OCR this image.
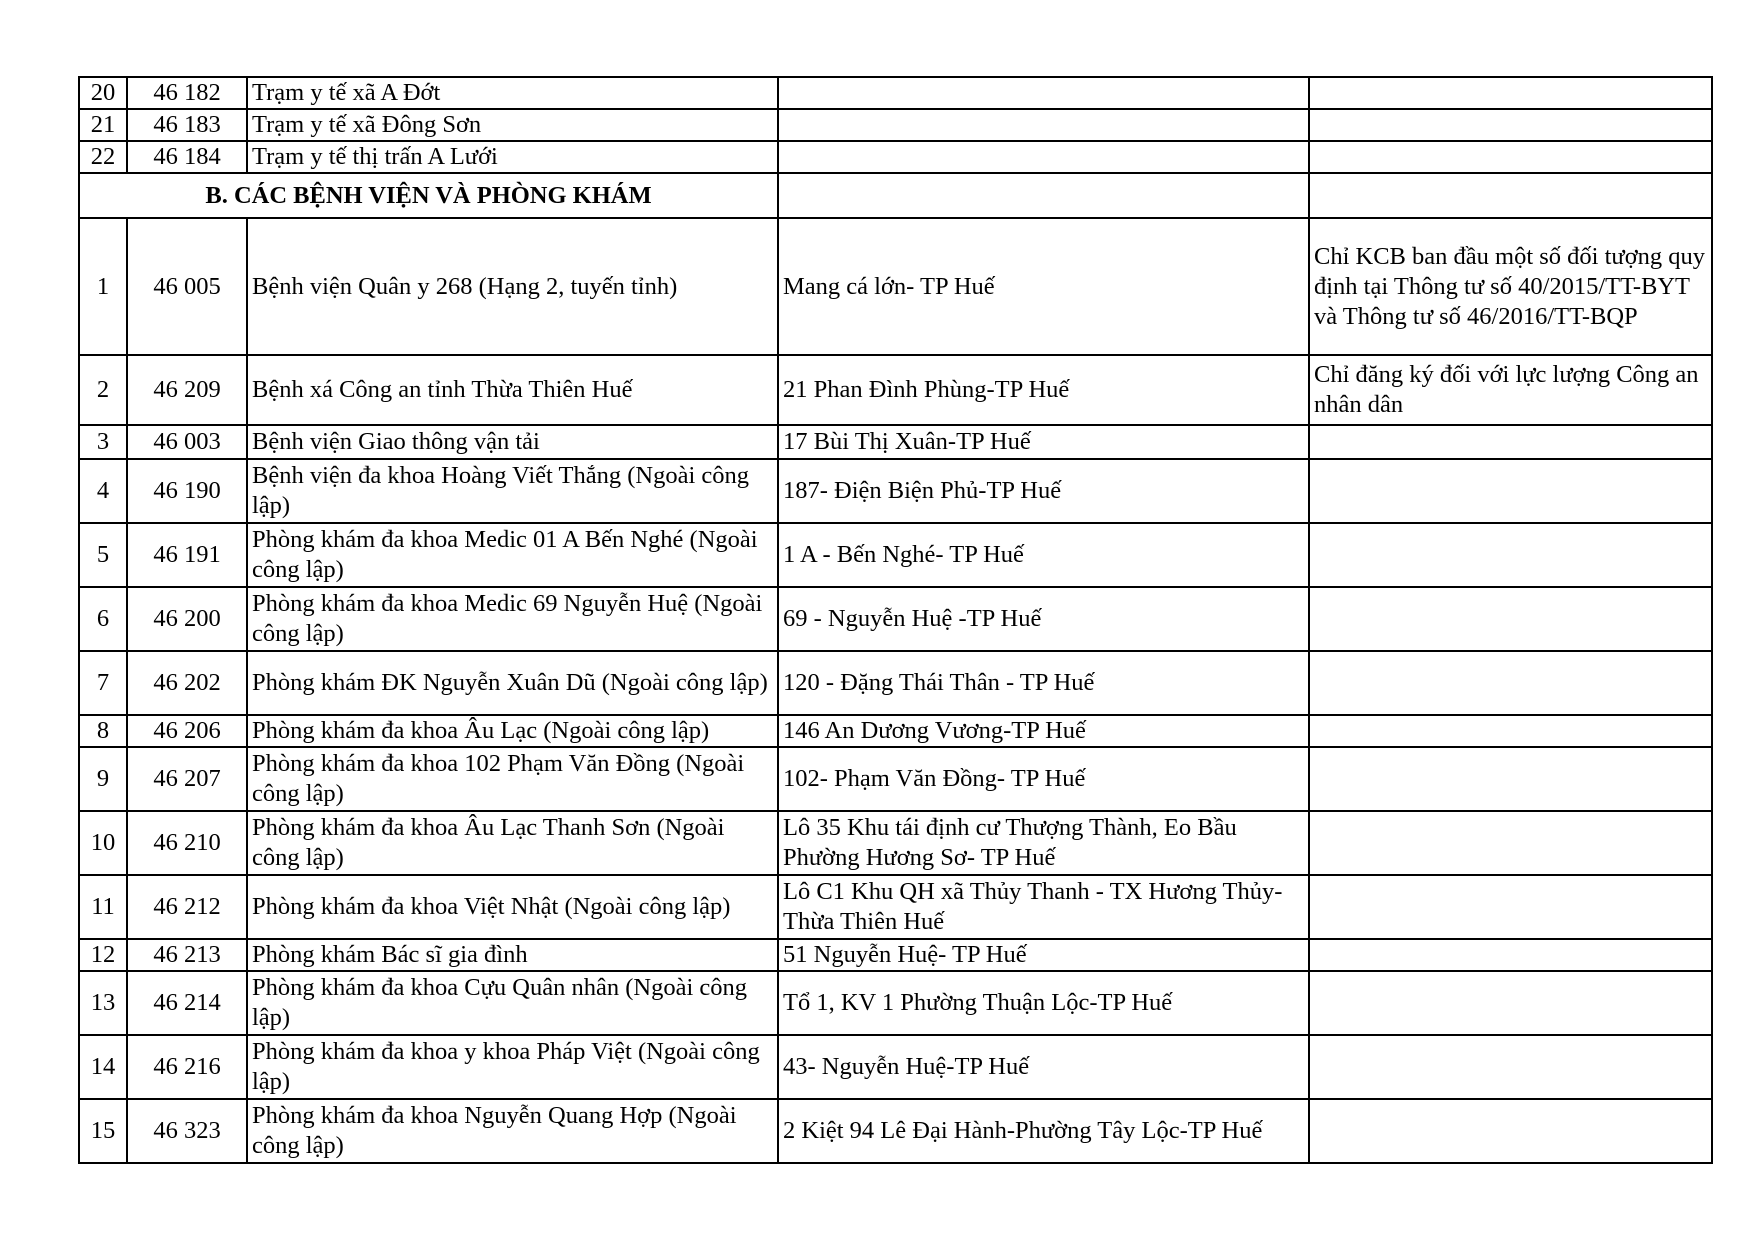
20	46 182	Trạm y tế xã A Đớt		
21	46 183	Trạm y tế xã Đông Sơn		
22	46 184	Trạm y tế thị trấn A Lưới		
B. CÁC BỆNH VIỆN VÀ PHÒNG KHÁM				
1	46 005	Bệnh viện Quân y 268 (Hạng 2, tuyến tỉnh)	Mang cá lớn- TP Huế	Chỉ KCB ban đầu một số đối tượng quy định tại Thông tư số 40/2015/TT-BYT và Thông tư số 46/2016/TT-BQP
2	46 209	Bệnh xá Công an tỉnh Thừa Thiên Huế	21 Phan Đình Phùng-TP Huế	Chỉ đăng ký đối với lực lượng Công an nhân dân
3	46 003	Bệnh viện Giao thông vận tải	17 Bùi Thị Xuân-TP Huế	
4	46 190	Bệnh viện đa khoa Hoàng Viết Thắng (Ngoài công lập)	187- Điện Biện Phủ-TP Huế	
5	46 191	Phòng khám đa khoa Medic 01 A Bến Nghé (Ngoài công lập)	1 A - Bến Nghé- TP Huế	
6	46 200	Phòng khám đa khoa Medic 69 Nguyễn Huệ (Ngoài công lập)	69 - Nguyễn Huệ -TP Huế	
7	46 202	Phòng khám ĐK Nguyễn Xuân Dũ (Ngoài công lập)	120 - Đặng Thái Thân - TP Huế	
8	46 206	Phòng khám đa khoa Âu Lạc (Ngoài công lập)	146 An Dương Vương-TP Huế	
9	46 207	Phòng khám đa khoa 102 Phạm Văn Đồng (Ngoài công lập)	102- Phạm Văn Đồng- TP Huế	
10	46 210	Phòng khám đa khoa Âu Lạc Thanh Sơn (Ngoài công lập)	Lô 35 Khu tái định cư Thượng Thành, Eo Bầu Phường Hương Sơ- TP Huế	
11	46 212	Phòng khám đa khoa Việt Nhật (Ngoài công lập)	Lô C1 Khu QH xã Thủy Thanh - TX Hương Thủy- Thừa Thiên Huế	
12	46 213	Phòng khám Bác sĩ gia đình	51 Nguyễn Huệ- TP Huế	
13	46 214	Phòng khám đa khoa Cựu Quân nhân (Ngoài công lập)	Tổ 1, KV 1 Phường Thuận Lộc-TP Huế	
14	46 216	Phòng khám đa khoa y khoa Pháp Việt (Ngoài công lập)	43- Nguyễn Huệ-TP Huế	
15	46 323	Phòng khám đa khoa Nguyễn Quang Hợp (Ngoài công lập)	2 Kiệt 94 Lê Đại Hành-Phường Tây Lộc-TP Huế	
